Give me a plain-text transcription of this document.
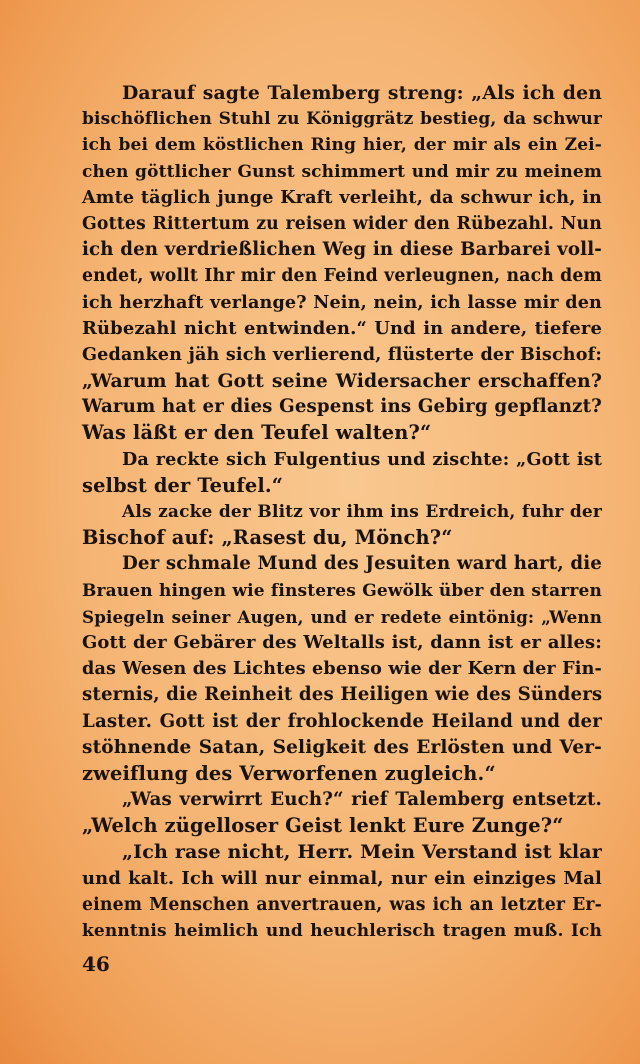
Darauf sagte Talemberg streng: „Als ich den
bischöflichen Stuhl zu Königgrätz bestieg, da schwur
ich bei dem köstlichen Ring hier, der mir als ein Zei-
chen göttlicher Gunst schimmert und mir zu meinem
Amte täglich junge Kraft verleiht, da schwur ich, in
Gottes Rittertum zu reisen wider den Rübezahl. Nun
ich den verdrießlichen Weg in diese Barbarei voll-
endet, wollt Ihr mir den Feind verleugnen, nach dem
ich herzhaft verlange? Nein, nein, ich lasse mir den
Rübezahl nicht entwinden.“ Und in andere, tiefere
Gedanken jäh sich verlierend, flüsterte der Bischof:
„Warum hat Gott seine Widersacher erschaffen?
Warum hat er dies Gespenst ins Gebirg gepflanzt?
Was läßt er den Teufel walten?“
Da reckte sich Fulgentius und zischte: „Gott ist
selbst der Teufel.“
Als zacke der Blitz vor ihm ins Erdreich, fuhr der
Bischof auf: „Rasest du, Mönch?“
Der schmale Mund des Jesuiten ward hart, die
Brauen hingen wie finsteres Gewölk über den starren
Spiegeln seiner Augen, und er redete eintönig: „Wenn
Gott der Gebärer des Weltalls ist, dann ist er alles:
das Wesen des Lichtes ebenso wie der Kern der Fin-
sternis, die Reinheit des Heiligen wie des Sünders
Laster. Gott ist der frohlockende Heiland und der
stöhnende Satan, Seligkeit des Erlösten und Ver-
zweiflung des Verworfenen zugleich.“
„Was verwirrt Euch?“ rief Talemberg entsetzt.
„Welch zügelloser Geist lenkt Eure Zunge?“
„Ich rase nicht, Herr. Mein Verstand ist klar
und kalt. Ich will nur einmal, nur ein einziges Mal
einem Menschen anvertrauen, was ich an letzter Er-
kenntnis heimlich und heuchlerisch tragen muß. Ich
46
